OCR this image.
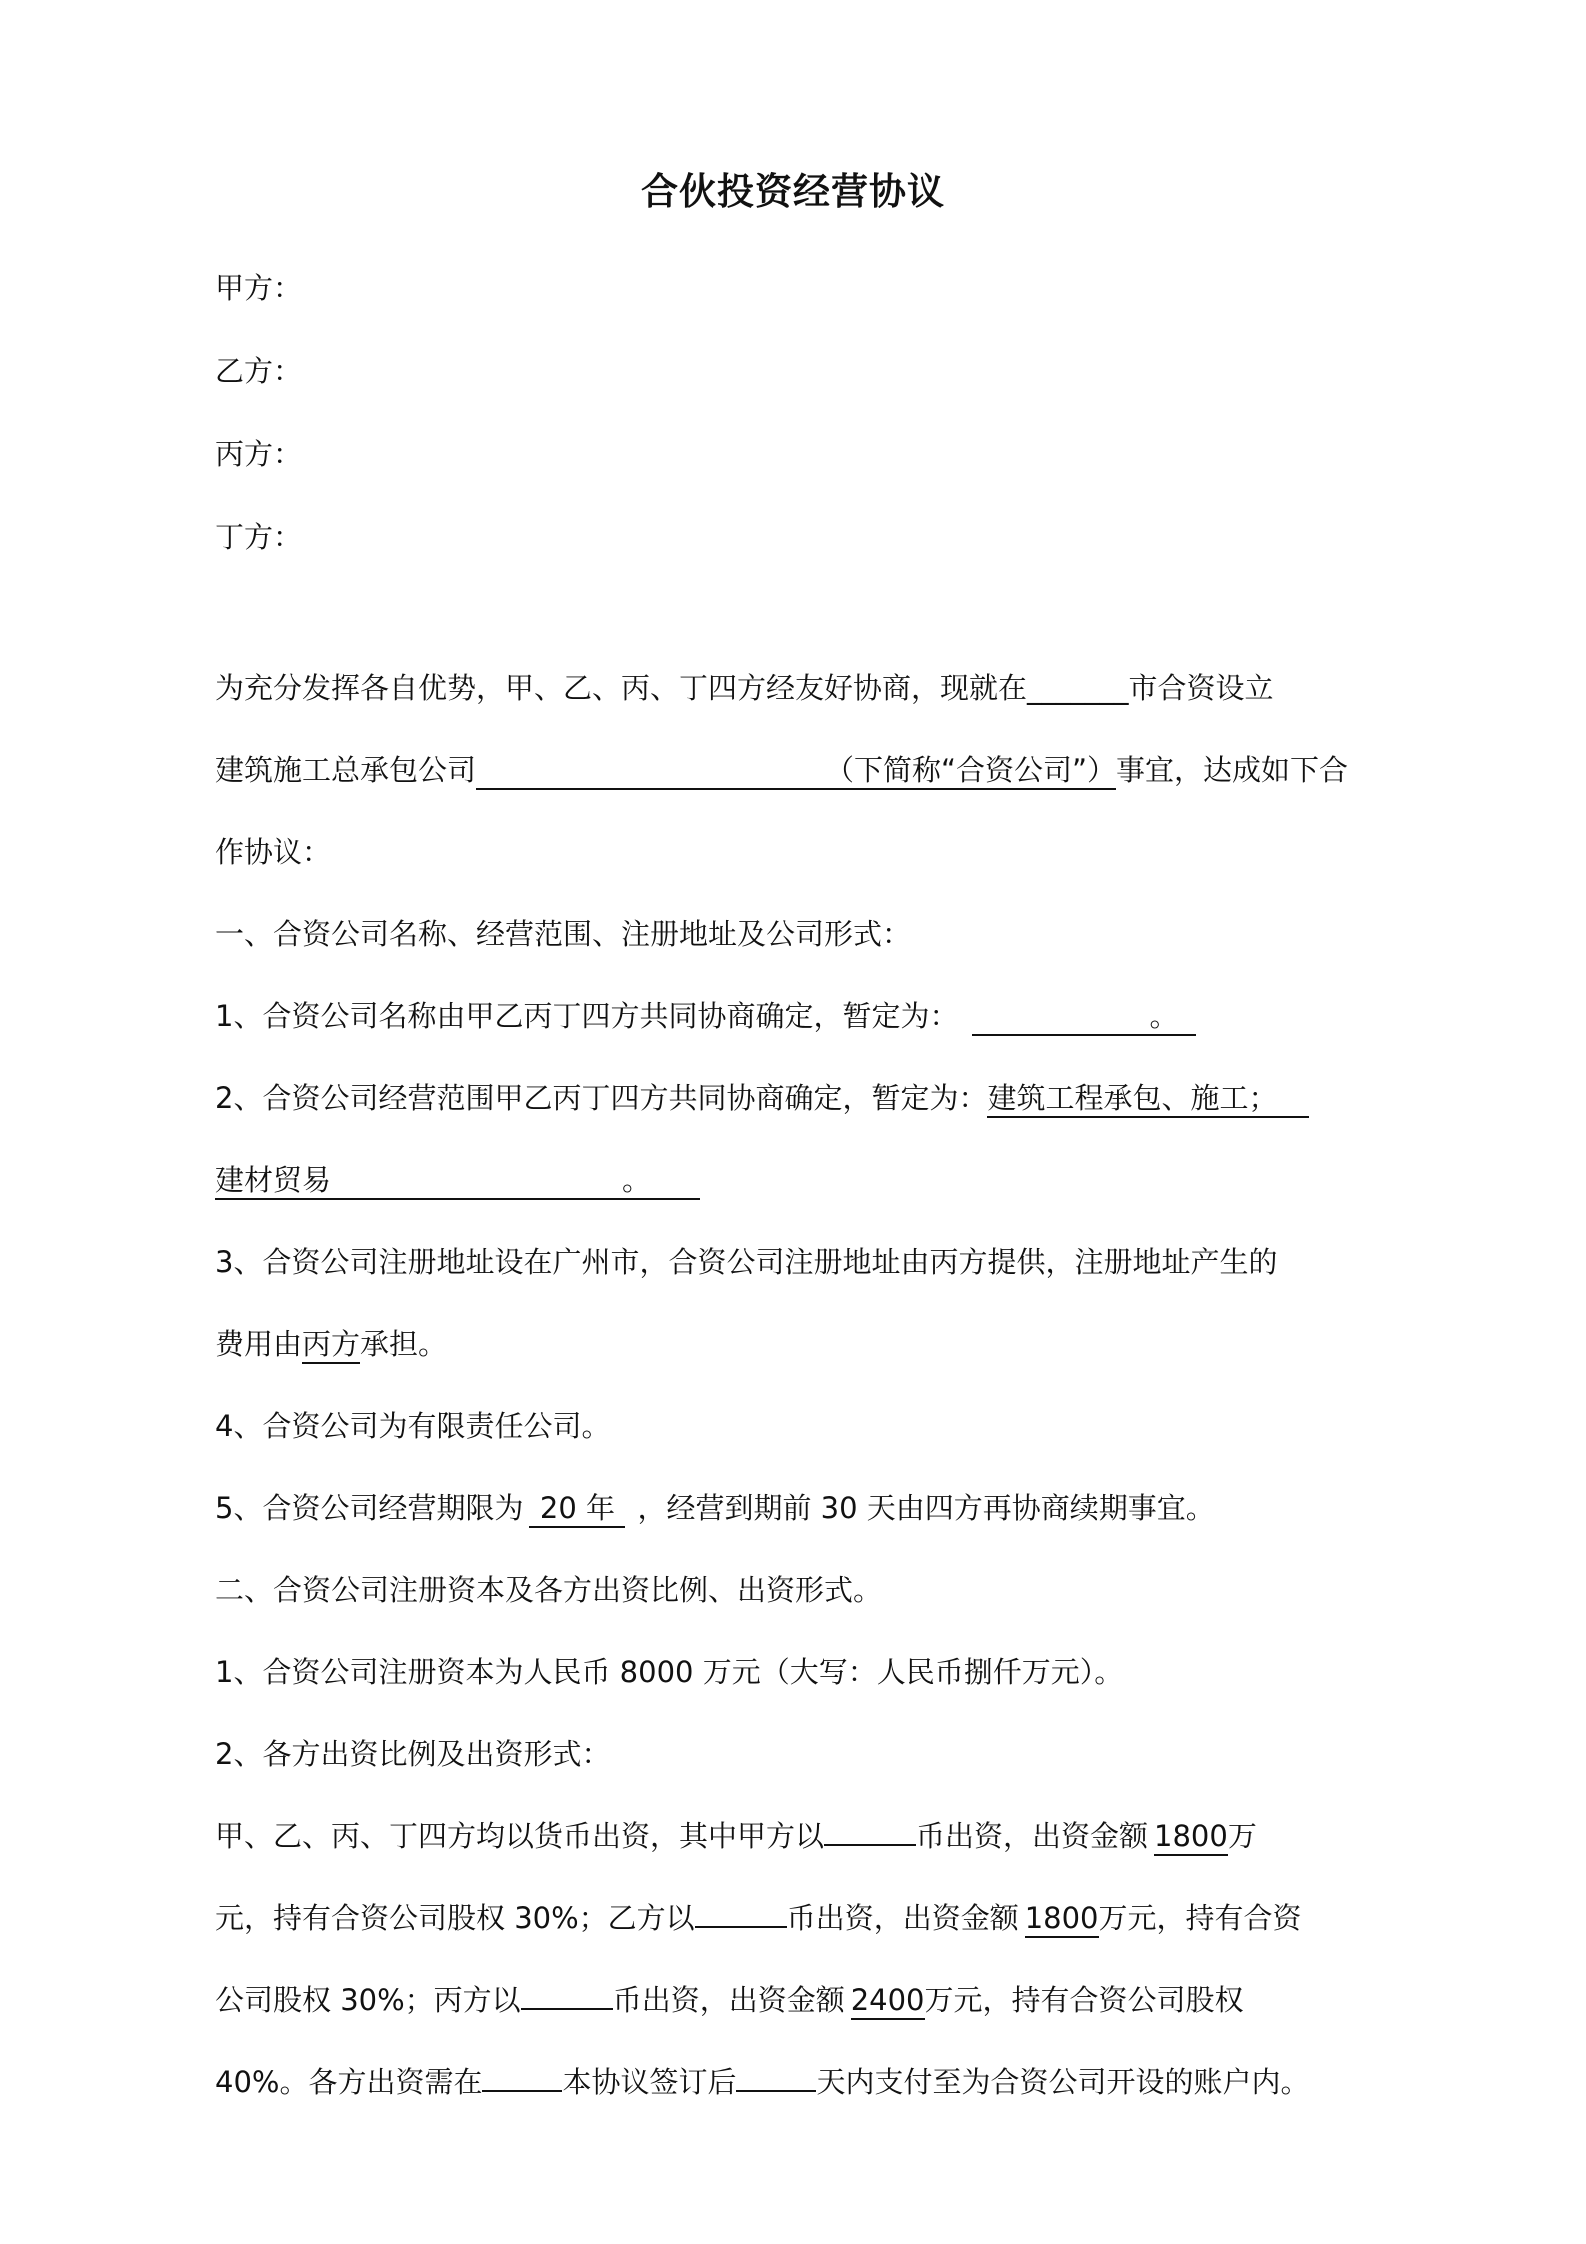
合伙投资经营协议
甲方：
乙方：
丙方：
丁方：
为充分发挥各自优势，甲、乙、丙、丁四方经友好协商，现就在_______市合资设立
建筑施工总承包公司	（下简称“合资公司”）事宜，达成如下合
作协议：
一、合资公司名称、经营范围、注册地址及公司形式：
1、合资公司名称由甲乙丙丁四方共同协商确定，暂定为：	。
2、合资公司经营范围甲乙丙丁四方共同协商确定，暂定为：建筑工程承包、施工；
建材贸易	。
3、合资公司注册地址设在广州市，合资公司注册地址由丙方提供，注册地址产生的
费用由丙方承担。
4、合资公司为有限责任公司。
5、合资公司经营期限为 20 年 ，经营到期前 30 天由四方再协商续期事宜。
二、合资公司注册资本及各方出资比例、出资形式。
1、合资公司注册资本为人民币 8000 万元（大写：人民币捌仟万元）。
2、各方出资比例及出资形式：
甲、乙、丙、丁四方均以货币出资，其中甲方以	币出资，出资金额 1800万
元，持有合资公司股权 30%；乙方以	币出资，出资金额 1800万元，持有合资
公司股权 30%；丙方以	币出资，出资金额 2400万元，持有合资公司股权
40%。各方出资需在	本协议签订后	天内支付至为合资公司开设的账户内。
